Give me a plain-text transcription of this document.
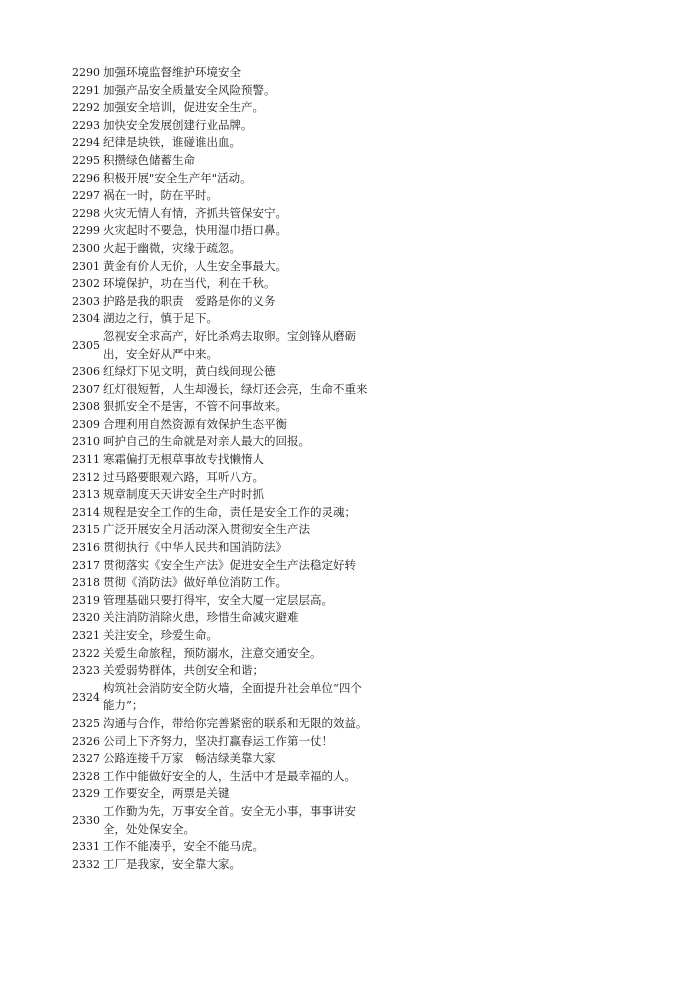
2290 加强环境监督维护环境安全
2291 加强产品安全质量安全风险预警。
2292 加强安全培训，促进安全生产。
2293 加快安全发展创建行业品牌。
2294 纪律是块铁，谁碰谁出血。
2295 积攒绿色储蓄生命
2296 积极开展"安全生产年"活动。
2297 祸在一时，防在平时。
2298 火灾无情人有情，齐抓共管保安宁。
2299 火灾起时不要急，快用湿巾捂口鼻。
2300 火起于幽微，灾缘于疏忽。
2301 黄金有价人无价，人生安全事最大。
2302 环境保护，功在当代，利在千秋。
2303 护路是我的职责　爱路是你的义务
2304 湖边之行，慎于足下。
2305
忽视安全求高产，好比杀鸡去取卵。宝剑锋从磨砺出，安全好从严中来。
2306 红绿灯下见文明，黄白线间现公德
2307 红灯很短暂，人生却漫长，绿灯还会亮，生命不重来
2308 狠抓安全不是害，不管不问事故来。
2309 合理利用自然资源有效保护生态平衡
2310 呵护自己的生命就是对亲人最大的回报。
2311 寒霜偏打无根草事故专找懒惰人
2312 过马路要眼观六路，耳听八方。
2313 规章制度天天讲安全生产时时抓
2314 规程是安全工作的生命，责任是安全工作的灵魂；
2315 广泛开展安全月活动深入贯彻安全生产法
2316 贯彻执行《中华人民共和国消防法》
2317 贯彻落实《安全生产法》促进安全生产法稳定好转
2318 贯彻《消防法》做好单位消防工作。
2319 管理基础只要打得牢，安全大厦一定层层高。
2320 关注消防消除火患，珍惜生命减灾避难
2321 关注安全，珍爱生命。
2322 关爱生命旅程，预防溺水，注意交通安全。
2323 关爱弱势群体，共创安全和谐；
2324
构筑社会消防安全防火墙，全面提升社会单位“四个能力”；
2325 沟通与合作，带给你完善紧密的联系和无限的效益。
2326 公司上下齐努力，坚决打赢春运工作第一仗！
2327 公路连接千万家　畅洁绿美靠大家
2328 工作中能做好安全的人，生活中才是最幸福的人。
2329 工作要安全，两票是关键
2330
工作勤为先，万事安全首。安全无小事，事事讲安全，处处保安全。
2331 工作不能凑乎，安全不能马虎。
2332 工厂是我家，安全靠大家。
